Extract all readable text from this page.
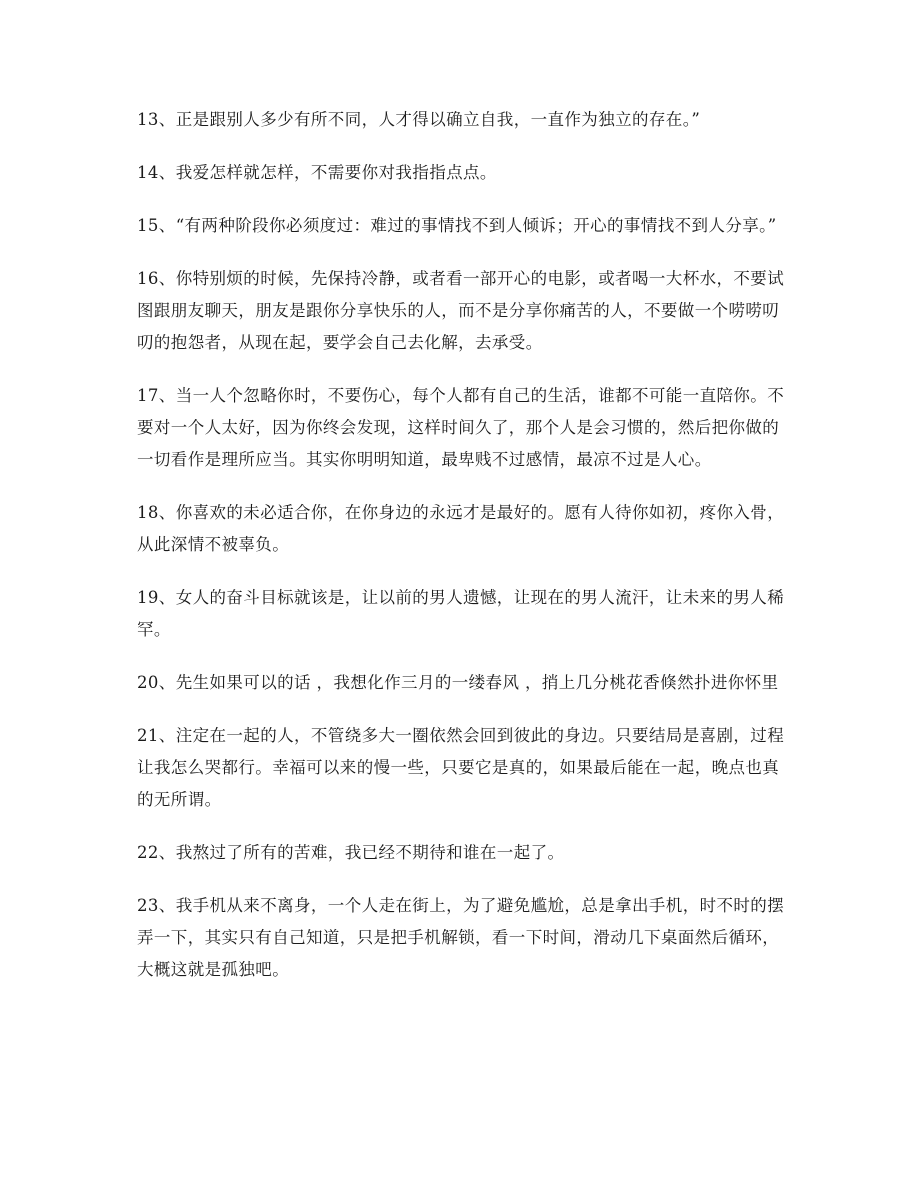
13、正是跟别人多少有所不同，人才得以确立自我，一直作为独立的存在。”

14、我爱怎样就怎样，不需要你对我指指点点。

15、“有两种阶段你必须度过：难过的事情找不到人倾诉；开心的事情找不到人分享。”

16、你特别烦的时候，先保持冷静，或者看一部开心的电影，或者喝一大杯水，不要试图跟朋友聊天，朋友是跟你分享快乐的人，而不是分享你痛苦的人，不要做一个唠唠叨叨的抱怨者，从现在起，要学会自己去化解，去承受。

17、当一人个忽略你时，不要伤心，每个人都有自己的生活，谁都不可能一直陪你。不要对一个人太好，因为你终会发现，这样时间久了，那个人是会习惯的，然后把你做的一切看作是理所应当。其实你明明知道，最卑贱不过感情，最凉不过是人心。

18、你喜欢的未必适合你，在你身边的永远才是最好的。愿有人待你如初，疼你入骨，从此深情不被辜负。

19、女人的奋斗目标就该是，让以前的男人遗憾，让现在的男人流汗，让未来的男人稀罕。

20、先生如果可以的话 ，我想化作三月的一缕春风 ，捎上几分桃花香倏然扑进你怀里

21、注定在一起的人，不管绕多大一圈依然会回到彼此的身边。只要结局是喜剧，过程让我怎么哭都行。幸福可以来的慢一些，只要它是真的，如果最后能在一起，晚点也真的无所谓。

22、我熬过了所有的苦难，我已经不期待和谁在一起了。

23、我手机从来不离身，一个人走在街上，为了避免尴尬，总是拿出手机，时不时的摆弄一下，其实只有自己知道，只是把手机解锁，看一下时间，滑动几下桌面然后循环，大概这就是孤独吧。
